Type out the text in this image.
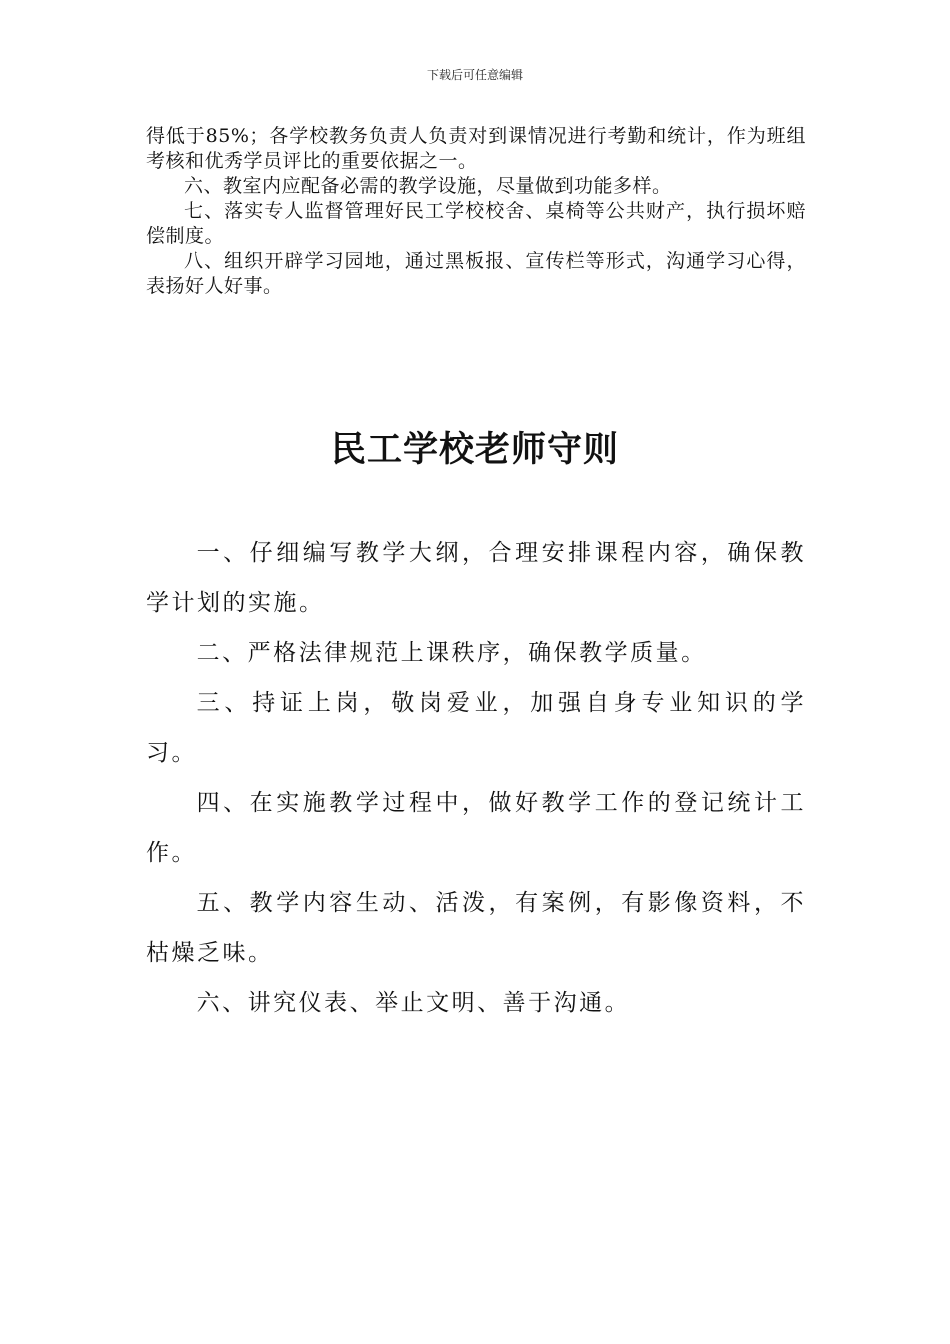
下载后可任意编辑

得低于85%；各学校教务负责人负责对到课情况进行考勤和统计，作为班组考核和优秀学员评比的重要依据之一。

六、教室内应配备必需的教学设施，尽量做到功能多样。

七、落实专人监督管理好民工学校校舍、桌椅等公共财产，执行损坏赔偿制度。

八、组织开辟学习园地，通过黑板报、宣传栏等形式，沟通学习心得，表扬好人好事。

民工学校老师守则

一、仔细编写教学大纲，合理安排课程内容，确保教学计划的实施。

二、严格法律规范上课秩序，确保教学质量。

三、持证上岗，敬岗爱业，加强自身专业知识的学习。

四、在实施教学过程中，做好教学工作的登记统计工作。

五、教学内容生动、活泼，有案例，有影像资料，不枯燥乏味。

六、讲究仪表、举止文明、善于沟通。
